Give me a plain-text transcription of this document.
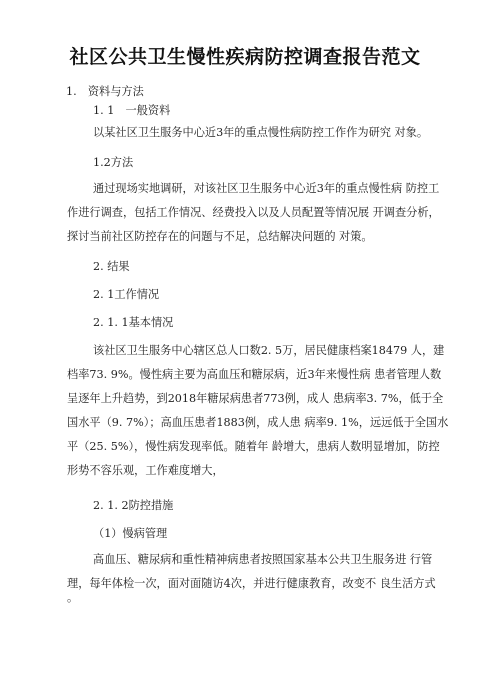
社区公共卫生慢性疾病防控调查报告范文
1.　资料与方法
1. 1　一般资料
以某社区卫生服务中心近3年的重点慢性病防控工作作为研究 对象。
1.2方法
通过现场实地调研，对该社区卫生服务中心近3年的重点慢性病 防控工
作进行调查，包括工作情况、经费投入以及人员配置等情况展 开调查分析，
探讨当前社区防控存在的问题与不足，总结解决问题的 对策。
2. 结果
2. 1工作情况
2. 1. 1基本情况
该社区卫生服务中心辖区总人口数2. 5万，居民健康档案18479 人，建
档率73. 9%。慢性病主要为高血压和糖尿病，近3年来慢性病 患者管理人数
呈逐年上升趋势，到2018年糖尿病患者773例，成人 患病率3. 7%，低于全
国水平（9. 7%）；高血压患者1883例，成人患 病率9. 1%，远远低于全国水
平（25. 5%），慢性病发现率低。随着年 龄增大，患病人数明显增加，防控
形势不容乐观，工作难度增大，
2. 1. 2防控措施
（1）慢病管理
高血压、糖尿病和重性精神病患者按照国家基本公共卫生服务进 行管
理，每年体检一次，面对面随访4次，并进行健康教育，改变不 良生活方式
。
